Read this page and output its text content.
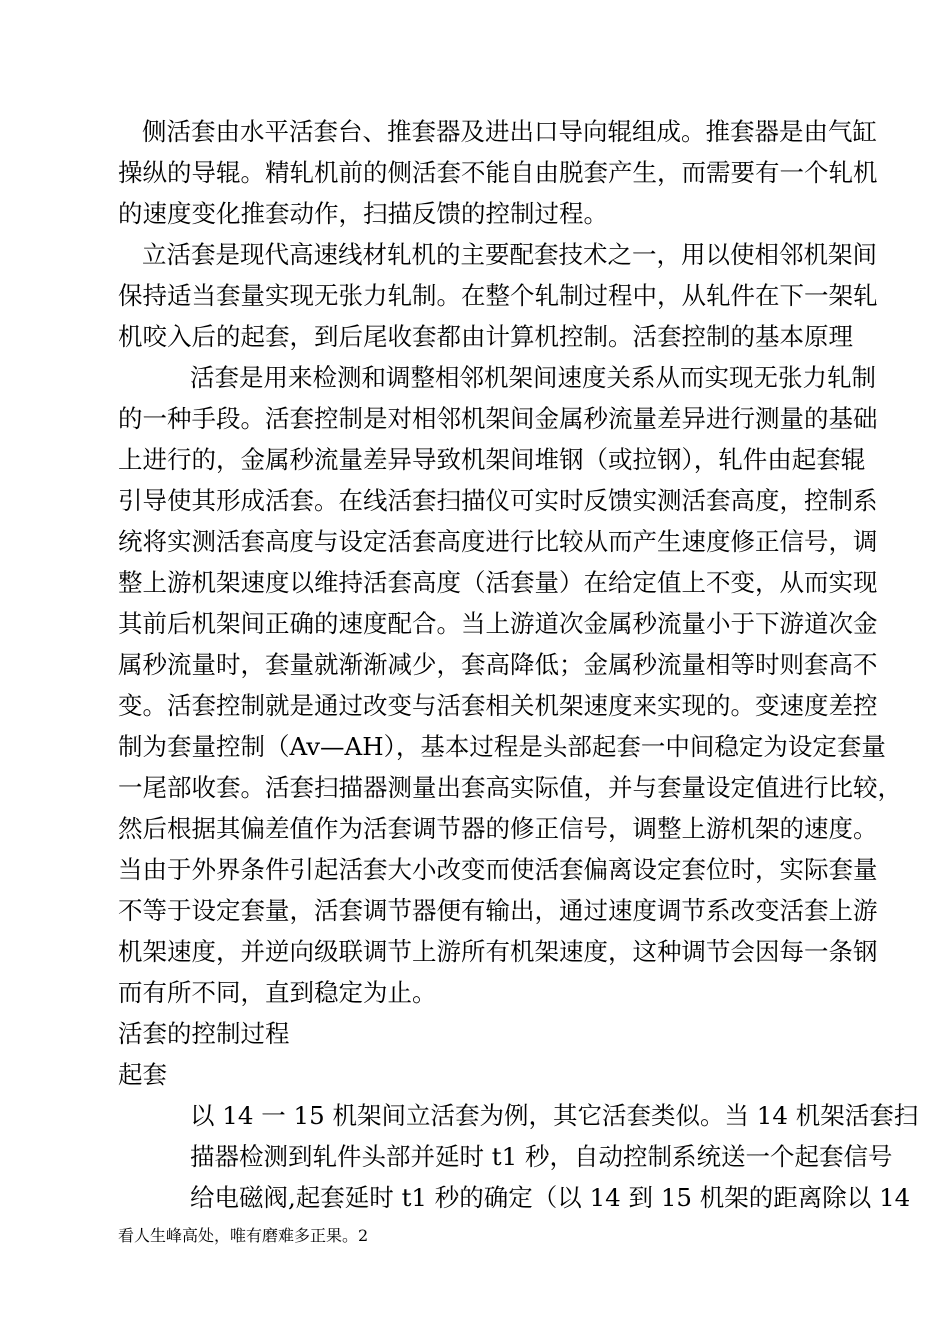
侧活套由水平活套台、推套器及进出口导向辊组成。推套器是由气缸
操纵的导辊。精轧机前的侧活套不能自由脱套产生，而需要有一个轧机
的速度变化推套动作，扫描反馈的控制过程。
立活套是现代高速线材轧机的主要配套技术之一，用以使相邻机架间
保持适当套量实现无张力轧制。在整个轧制过程中，从轧件在下一架轧
机咬入后的起套，到后尾收套都由计算机控制。活套控制的基本原理
活套是用来检测和调整相邻机架间速度关系从而实现无张力轧制
的一种手段。活套控制是对相邻机架间金属秒流量差异进行测量的基础
上进行的，金属秒流量差异导致机架间堆钢（或拉钢），轧件由起套辊
引导使其形成活套。在线活套扫描仪可实时反馈实测活套高度，控制系
统将实测活套高度与设定活套高度进行比较从而产生速度修正信号，调
整上游机架速度以维持活套高度（活套量）在给定值上不变，从而实现
其前后机架间正确的速度配合。当上游道次金属秒流量小于下游道次金
属秒流量时，套量就渐渐减少，套高降低；金属秒流量相等时则套高不
变。活套控制就是通过改变与活套相关机架速度来实现的。变速度差控
制为套量控制（Av—AH），基本过程是头部起套一中间稳定为设定套量
一尾部收套。活套扫描器测量出套高实际值，并与套量设定值进行比较，
然后根据其偏差值作为活套调节器的修正信号，调整上游机架的速度。
当由于外界条件引起活套大小改变而使活套偏离设定套位时，实际套量
不等于设定套量，活套调节器便有输出，通过速度调节系改变活套上游
机架速度，并逆向级联调节上游所有机架速度，这种调节会因每一条钢
而有所不同，直到稳定为止。
活套的控制过程
起套
以 14 一 15 机架间立活套为例，其它活套类似。当 14 机架活套扫
描器检测到轧件头部并延时 t1 秒，自动控制系统送一个起套信号
给电磁阀,起套延时 t1 秒的确定（以 14 到 15 机架的距离除以 14
看人生峰高处，唯有磨难多正果。2
